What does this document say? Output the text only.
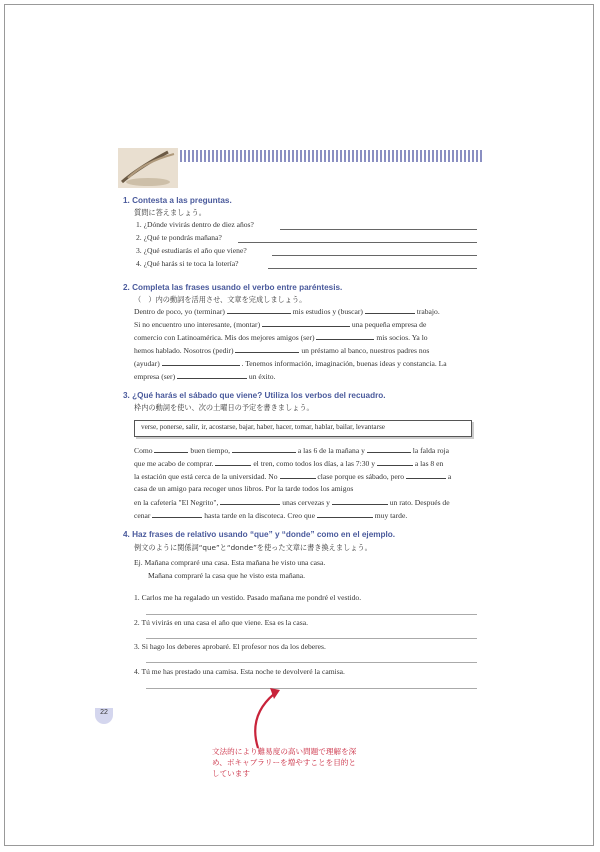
1. Contesta a las preguntas.
質問に答えましょう。
1. ¿Dónde vivirás dentro de diez años?
2. ¿Qué te pondrás mañana?
3. ¿Qué estudiarás el año que viene?
4. ¿Qué harás si te toca la lotería?
2. Completa las frases usando el verbo entre paréntesis.
（　）内の動詞を活用させ、文章を完成しましょう。
Dentro de poco, yo (terminar)	mis estudios y (buscar)	trabajo.
Si no encuentro uno interesante, (montar)	una pequeña empresa de
comercio con Latinoamérica. Mis dos mejores amigos (ser)	mis socios. Ya lo
hemos hablado. Nosotros (pedir)	un préstamo al banco, nuestros padres nos
(ayudar)	. Tenemos información, imaginación, buenas ideas y constancia. La
empresa (ser)	un éxito.
3. ¿Qué harás el sábado que viene? Utiliza los verbos del recuadro.
枠内の動詞を使い、次の土曜日の予定を書きましょう。
verse, ponerse, salir, ir, acostarse, bajar, haber, hacer, tomar, hablar, bailar, levantarse
Como	buen tiempo,	a las 6 de la mañana y	la falda roja
que me acabo de comprar.	el tren, como todos los días, a las 7:30 y	a las 8 en
la estación que está cerca de la universidad. No	clase porque es sábado, pero	a
casa de un amigo para recoger unos libros. Por la tarde todos los amigos
en la cafetería "El Negrito",	unas cervezas y	un rato. Después de
cenar	hasta tarde en la discoteca. Creo que	muy tarde.
4. Haz frases de relativo usando “que” y “donde” como en el ejemplo.
例文のように関係詞“que”と“donde”を使った文章に書き換えましょう。
Ej. Mañana compraré una casa. Esta mañana he visto una casa.
Mañana compraré la casa que he visto esta mañana.
1. Carlos me ha regalado un vestido. Pasado mañana me pondré el vestido.
2. Tú vivirás en una casa el año que viene. Esa es la casa.
3. Si hago los deberes aprobaré. El profesor nos da los deberes.
4. Tú me has prestado una camisa. Esta noche te devolveré la camisa.
22
文法的により難易度の高い問題で理解を深め、ボキャブラリーを増やすことを目的としています
